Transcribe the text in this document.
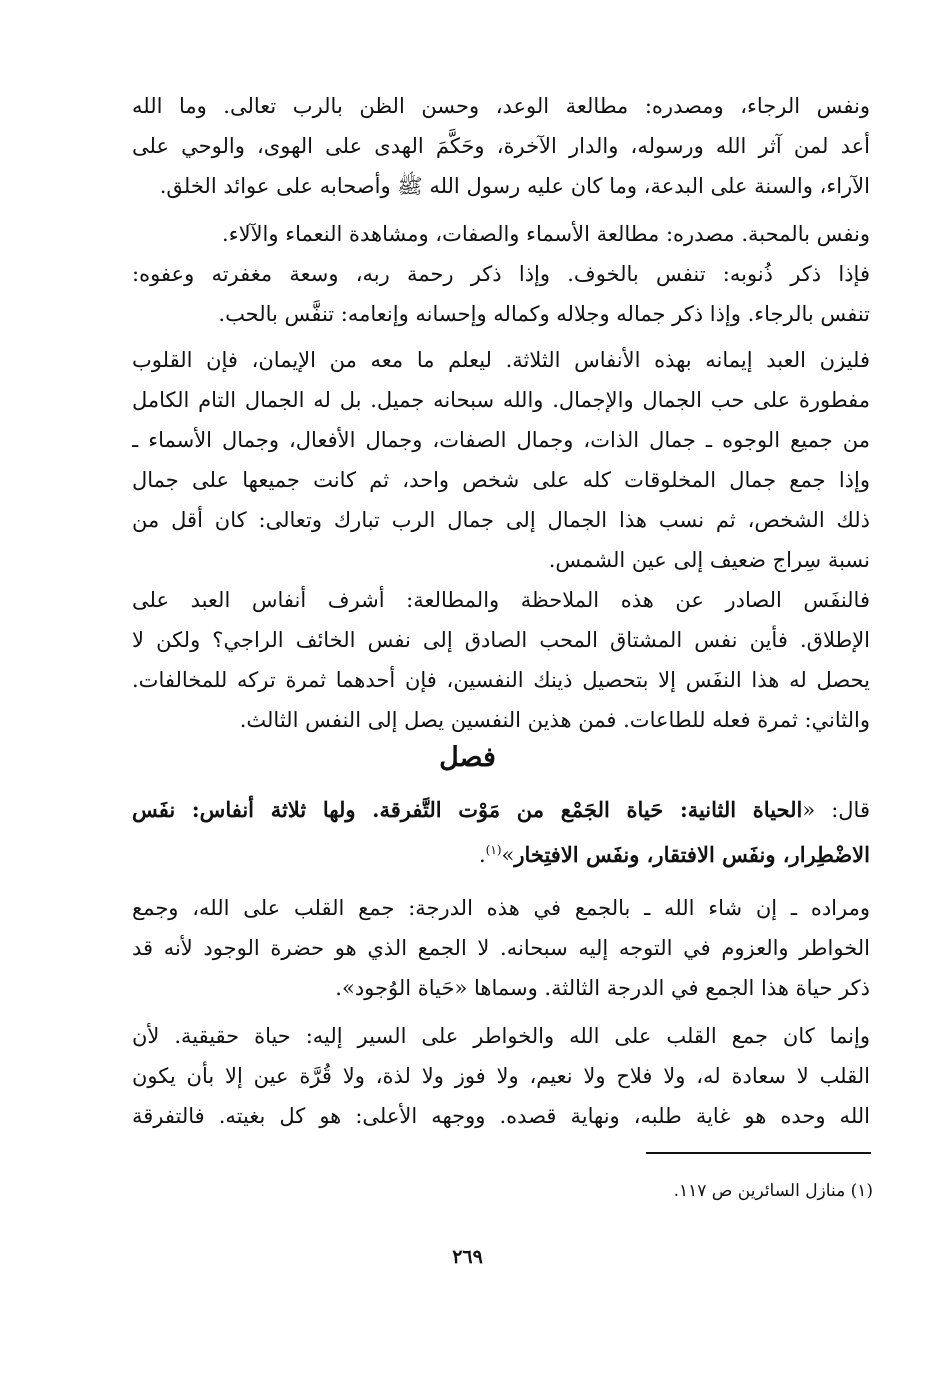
ونفس الرجاء، ومصدره: مطالعة الوعد، وحسن الظن بالرب تعالى. وما الله
أعد لمن آثر الله ورسوله، والدار الآخرة، وحَكَّمَ الهدى على الهوى، والوحي على
الآراء، والسنة على البدعة، وما كان عليه رسول الله ﷺ وأصحابه على عوائد الخلق.
ونفس بالمحبة. مصدره: مطالعة الأسماء والصفات، ومشاهدة النعماء والآلاء.
فإذا ذكر ذُنوبه: تنفس بالخوف. وإذا ذكر رحمة ربه، وسعة مغفرته وعفوه:
تنفس بالرجاء. وإذا ذكر جماله وجلاله وكماله وإحسانه وإنعامه: تنفَّس بالحب.
فليزن العبد إيمانه بهذه الأنفاس الثلاثة. ليعلم ما معه من الإيمان، فإن القلوب
مفطورة على حب الجمال والإجمال. والله سبحانه جميل. بل له الجمال التام الكامل
من جميع الوجوه ـ جمال الذات، وجمال الصفات، وجمال الأفعال، وجمال الأسماء ـ
وإذا جمع جمال المخلوقات كله على شخص واحد، ثم كانت جميعها على جمال
ذلك الشخص، ثم نسب هذا الجمال إلى جمال الرب تبارك وتعالى: كان أقل من
نسبة سِراج ضعيف إلى عين الشمس.
فالنفَس الصادر عن هذه الملاحظة والمطالعة: أشرف أنفاس العبد على
الإطلاق. فأين نفس المشتاق المحب الصادق إلى نفس الخائف الراجي؟ ولكن لا
يحصل له هذا النفَس إلا بتحصيل ذينك النفسين، فإن أحدهما ثمرة تركه للمخالفات.
والثاني: ثمرة فعله للطاعات. فمن هذين النفسين يصل إلى النفس الثالث.
فصل
قال: «الحياة الثانية: حَياة الجَمْع من مَوْت التَّفرقة. ولها ثلاثة أنفاس: نفَس
الاضْطِرار، ونفَس الافتقار، ونفَس الافتِخار»$^{(١)}$.
ومراده ـ إن شاء الله ـ بالجمع في هذه الدرجة: جمع القلب على الله، وجمع
الخواطر والعزوم في التوجه إليه سبحانه. لا الجمع الذي هو حضرة الوجود لأنه قد
ذكر حياة هذا الجمع في الدرجة الثالثة. وسماها «حَياة الوُجود».
وإنما كان جمع القلب على الله والخواطر على السير إليه: حياة حقيقية. لأن
القلب لا سعادة له، ولا فلاح ولا نعيم، ولا فوز ولا لذة، ولا قُرَّة عين إلا بأن يكون
الله وحده هو غاية طلبه، ونهاية قصده. ووجهه الأعلى: هو كل بغيته. فالتفرقة
(١) منازل السائرين ص ١١٧.
٢٦٩
